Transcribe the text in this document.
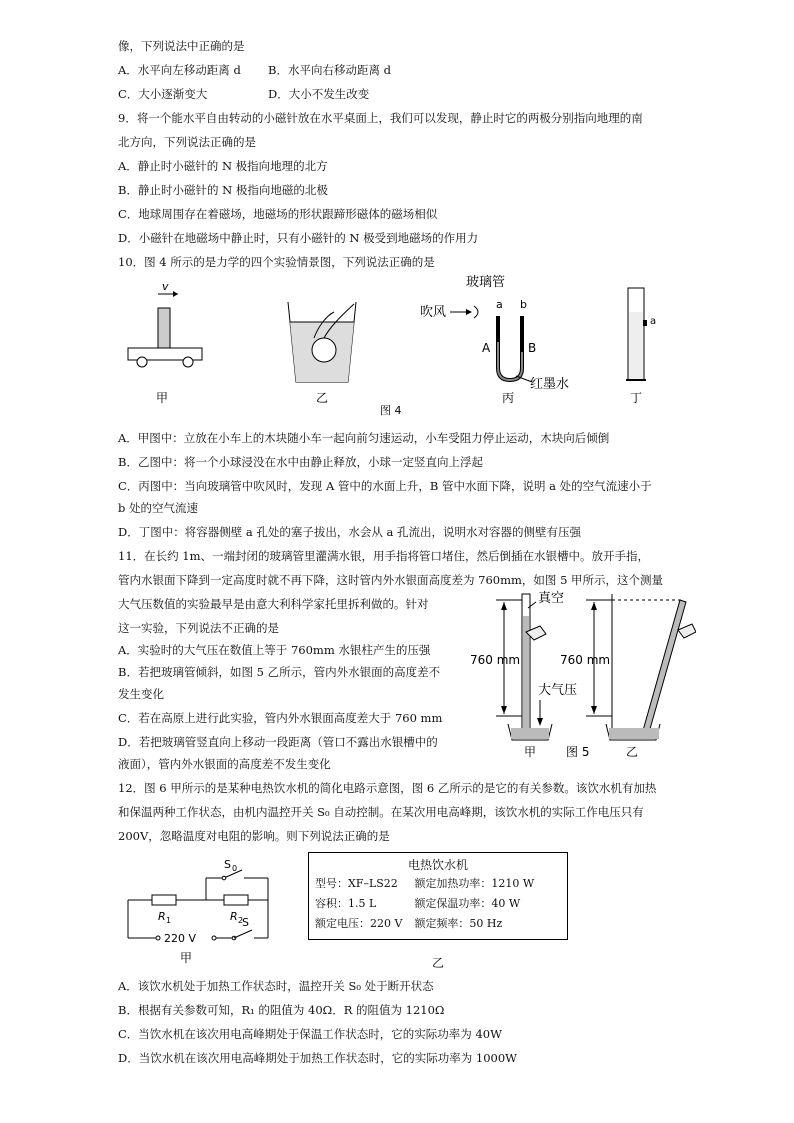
像，下列说法中正确的是
A．水平向左移动距离 d B．水平向右移动距离 d
C．大小逐渐变大	D．大小不发生改变
9．将一个能水平自由转动的小磁针放在水平桌面上，我们可以发现，静止时它的两极分别指向地理的南
北方向，下列说法正确的是
A．静止时小磁针的 N 极指向地理的北方
B．静止时小磁针的 N 极指向地磁的北极
C．地球周围存在着磁场，地磁场的形状跟蹄形磁体的磁场相似
D．小磁针在地磁场中静止时，只有小磁针的 N 极受到地磁场的作用力
10．图 4 所示的是力学的四个实验情景图，下列说法正确的是
v	玻璃管
吹风
a b
A	B
红墨水
a
甲	乙	丙	丁
图 4
A．甲图中：立放在小车上的木块随小车一起向前匀速运动，小车受阻力停止运动，木块向后倾倒
B．乙图中：将一个小球浸没在水中由静止释放，小球一定竖直向上浮起
C．丙图中：当向玻璃管中吹风时，发现 A 管中的水面上升，B 管中水面下降，说明 a 处的空气流速小于
b 处的空气流速
D．丁图中：将容器侧壁 a 孔处的塞子拔出，水会从 a 孔流出，说明水对容器的侧壁有压强
11．在长约 1m、一端封闭的玻璃管里灌满水银，用手指将管口堵住，然后倒插在水银槽中。放开手指，
管内水银面下降到一定高度时就不再下降，这时管内外水银面高度差为 760mm，如图 5 甲所示，这个测量
大气压数值的实验最早是由意大利科学家托里拆利做的。针对
这一实验，下列说法不正确的是
A．实验时的大气压在数值上等于 760mm 水银柱产生的压强
B．若把玻璃管倾斜，如图 5 乙所示，管内外水银面的高度差不
发生变化
C．若在高原上进行此实验，管内外水银面高度差大于 760 mm
D．若把玻璃管竖直向上移动一段距离（管口不露出水银槽中的
液面），管内外水银面的高度差不发生变化
760 mm
真空
大气压
760 mm
甲 图 5	乙
12．图 6 甲所示的是某种电热饮水机的简化电路示意图，图 6 乙所示的是它的有关参数。该饮水机有加热
和保温两种工作状态，由机内温控开关 S₀ 自动控制。在某次用电高峰期，该饮水机的实际工作电压只有
200V，忽略温度对电阻的影响。则下列说法正确的是
S 0
R 1	R 2
220 V
S
甲
电热饮水机
型号：XF–LS22	额定加热功率：1210 W
容积：1.5 L	额定保温功率：40 W
额定电压：220 V	额定频率：50 Hz
乙
A．该饮水机处于加热工作状态时，温控开关 S₀ 处于断开状态
B．根据有关参数可知，R₁ 的阻值为 40Ω．R 的阻值为 1210Ω
C．当饮水机在该次用电高峰期处于保温工作状态时，它的实际功率为 40W
D．当饮水机在该次用电高峰期处于加热工作状态时，它的实际功率为 1000W
